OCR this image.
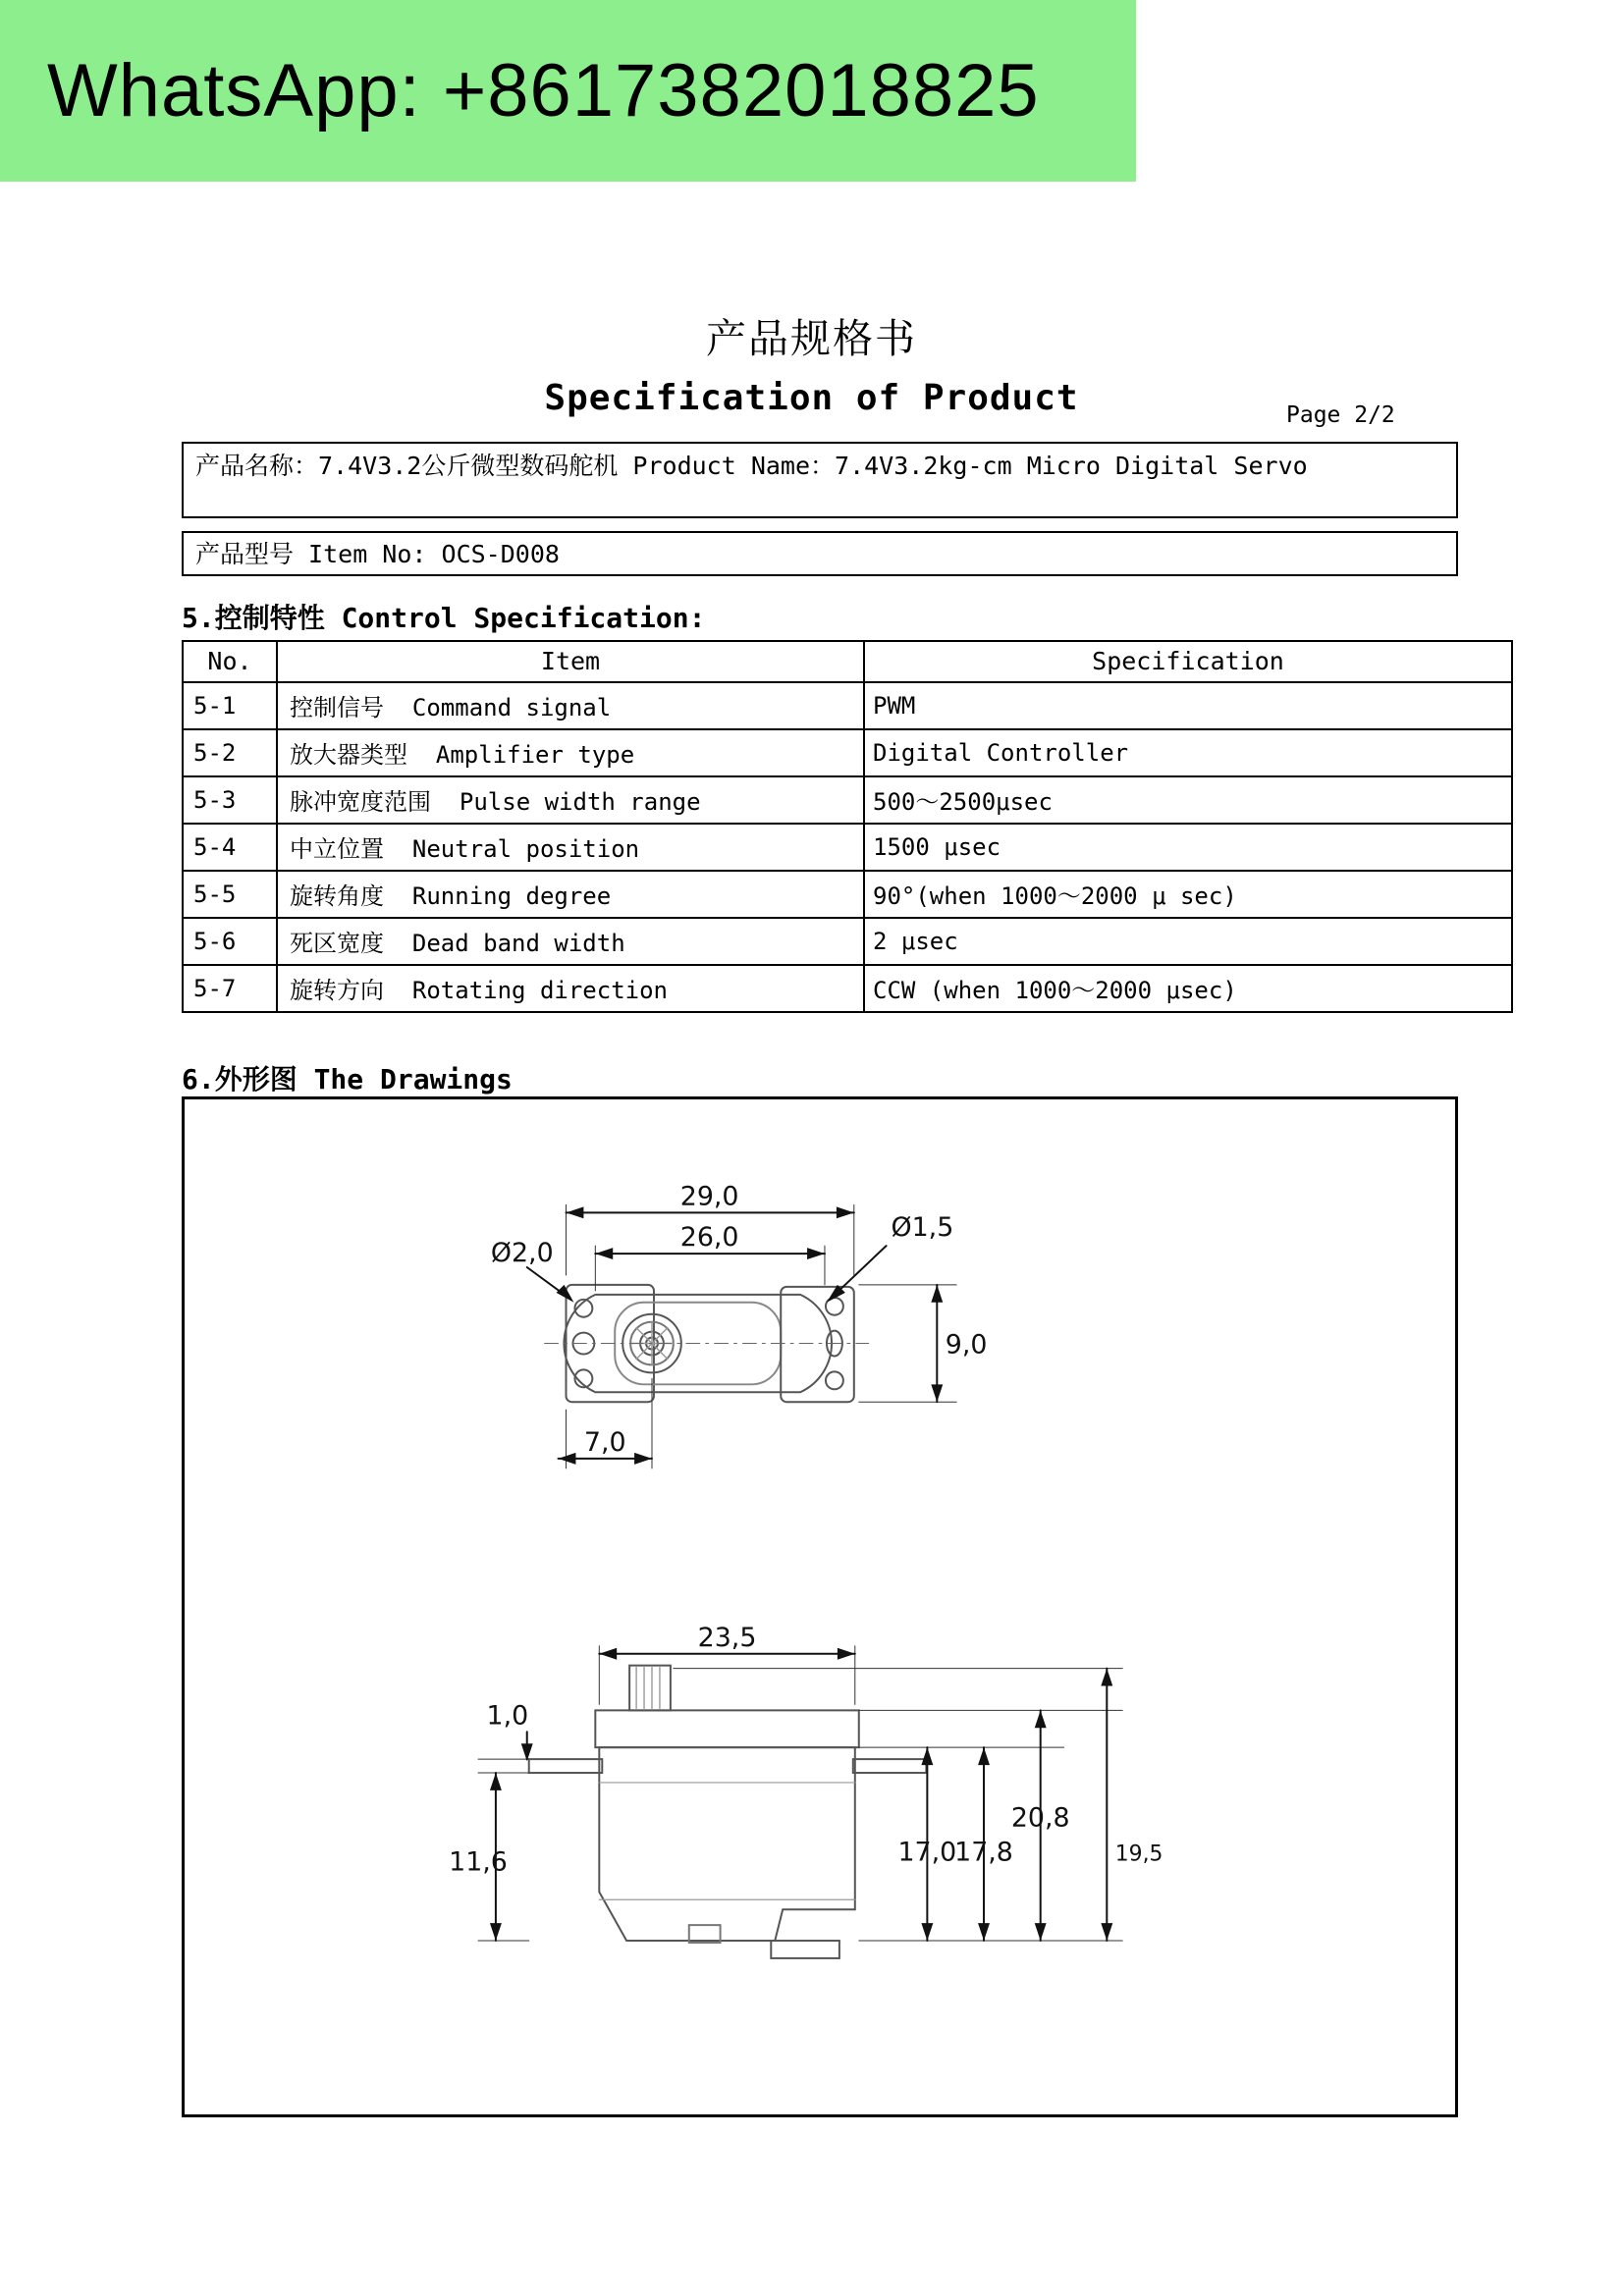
产品规格书
Specification of Product	Page 2/2
产品名称：7.4V3.2公斤微型数码舵机 Product Name：7.4V3.2kg-cm Micro Digital Servo
产品型号 Item No: OCS-D008
5.控制特性 Control Specification:
No.	Item	Specification
5-1	控制信号 Command signal	PWM
5-2	放大器类型 Amplifier type	Digital Controller
5-3	脉冲宽度范围 Pulse width range	500～2500μsec
5-4	中立位置 Neutral position	1500 μsec
5-5	旋转角度 Running degree	90°(when 1000～2000 μ sec)
5-6	死区宽度 Dead band width	2 μsec
5-7	旋转方向 Rotating direction	CCW (when 1000～2000 μsec)
6.外形图 The Drawings
29,0
26,0
Ø2,0
Ø1,5
9,0
7,0
23,5
1,0
11,6	17,0
17,8
20,8
19,5
WhatsApp: +8617382018825
